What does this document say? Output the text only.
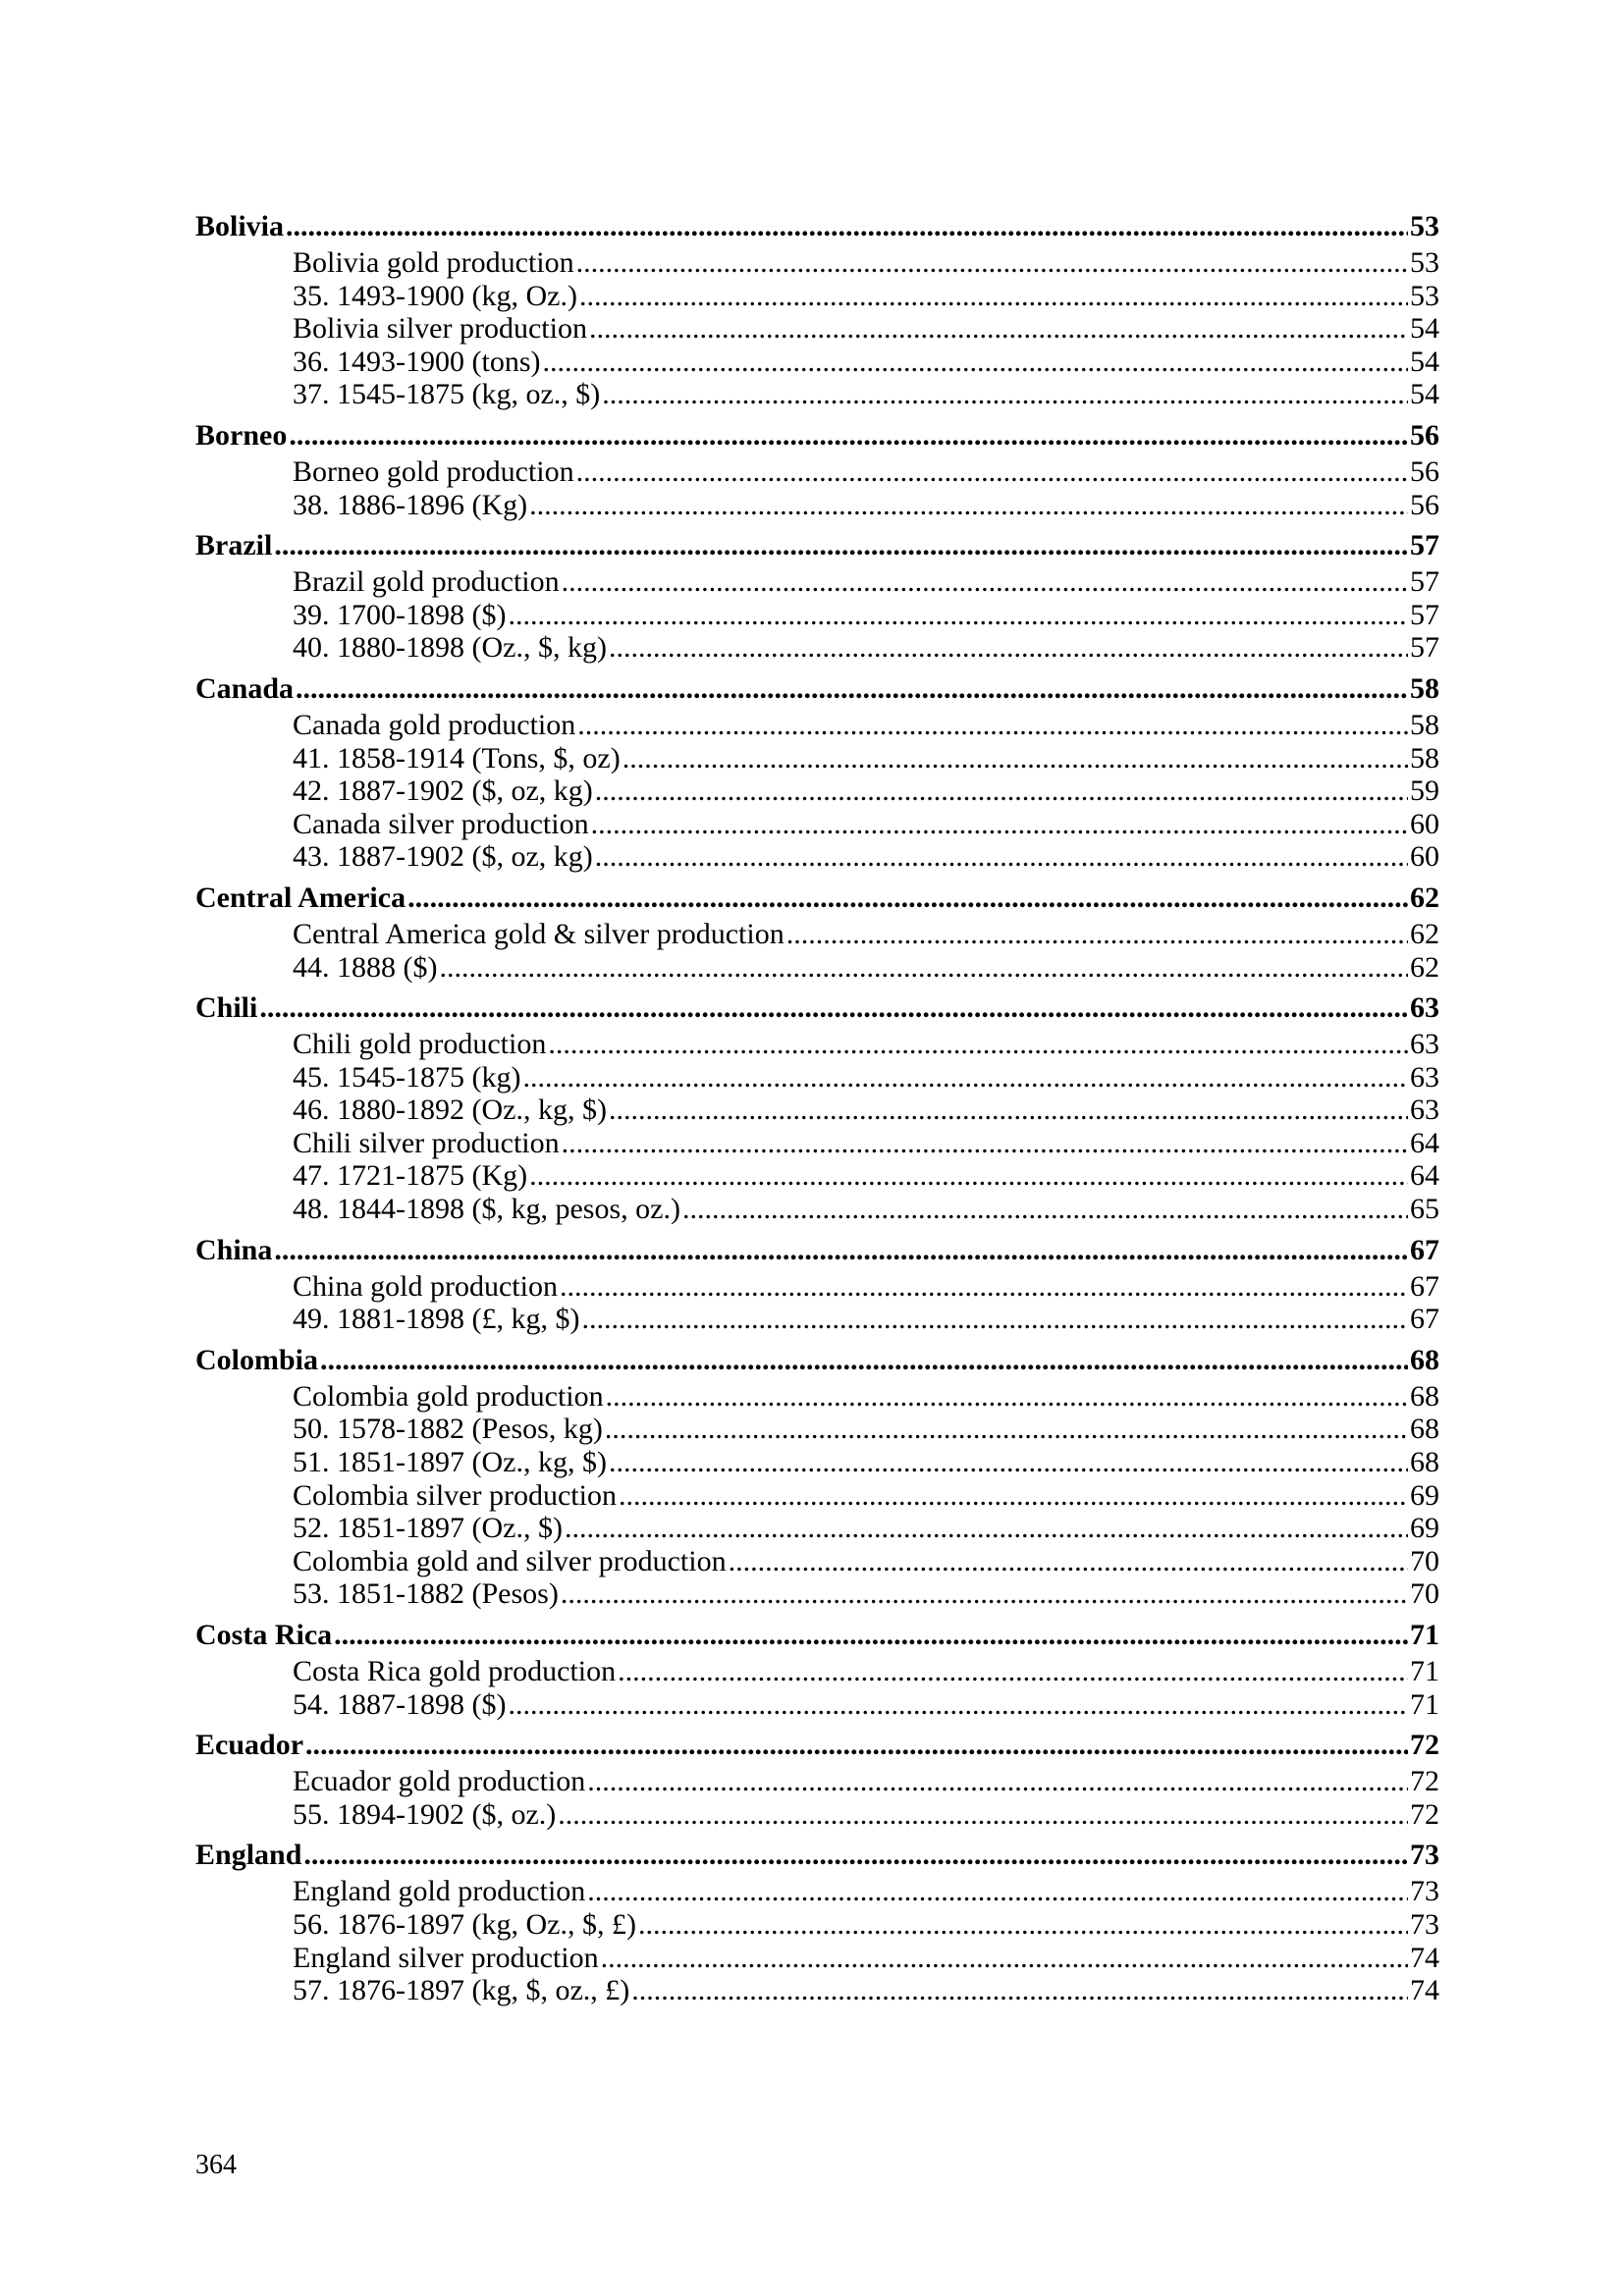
Bolivia .....	53
Bolivia gold production .....	53
35. 1493-1900 (kg, Oz.) .....	53
Bolivia silver production .....	54
36. 1493-1900 (tons) .....	54
37. 1545-1875 (kg, oz., $) .....	54
Borneo .....	56
Borneo gold production .....	56
38. 1886-1896 (Kg) .....	56
Brazil .....	57
Brazil gold production .....	57
39. 1700-1898 ($) .....	57
40. 1880-1898 (Oz., $, kg) .....	57
Canada .....	58
Canada gold production .....	58
41. 1858-1914 (Tons, $, oz) .....	58
42. 1887-1902 ($, oz, kg) .....	59
Canada silver production .....	60
43. 1887-1902 ($, oz, kg) .....	60
Central America .....	62
Central America gold & silver production .....	62
44. 1888 ($) .....	62
Chili .....	63
Chili gold production .....	63
45. 1545-1875 (kg) .....	63
46. 1880-1892 (Oz., kg, $) .....	63
Chili silver production .....	64
47. 1721-1875 (Kg) .....	64
48. 1844-1898 ($, kg, pesos, oz.) .....	65
China .....	67
China gold production .....	67
49. 1881-1898 (£, kg, $) .....	67
Colombia .....	68
Colombia gold production .....	68
50. 1578-1882 (Pesos, kg) .....	68
51. 1851-1897 (Oz., kg, $) .....	68
Colombia silver production .....	69
52. 1851-1897 (Oz., $) .....	69
Colombia gold and silver production .....	70
53. 1851-1882 (Pesos) .....	70
Costa Rica .....	71
Costa Rica gold production .....	71
54. 1887-1898 ($) .....	71
Ecuador .....	72
Ecuador gold production .....	72
55. 1894-1902 ($, oz.) .....	72
England .....	73
England gold production .....	73
56. 1876-1897 (kg, Oz., $, £) .....	73
England silver production .....	74
57. 1876-1897 (kg, $, oz., £) .....	74
364
